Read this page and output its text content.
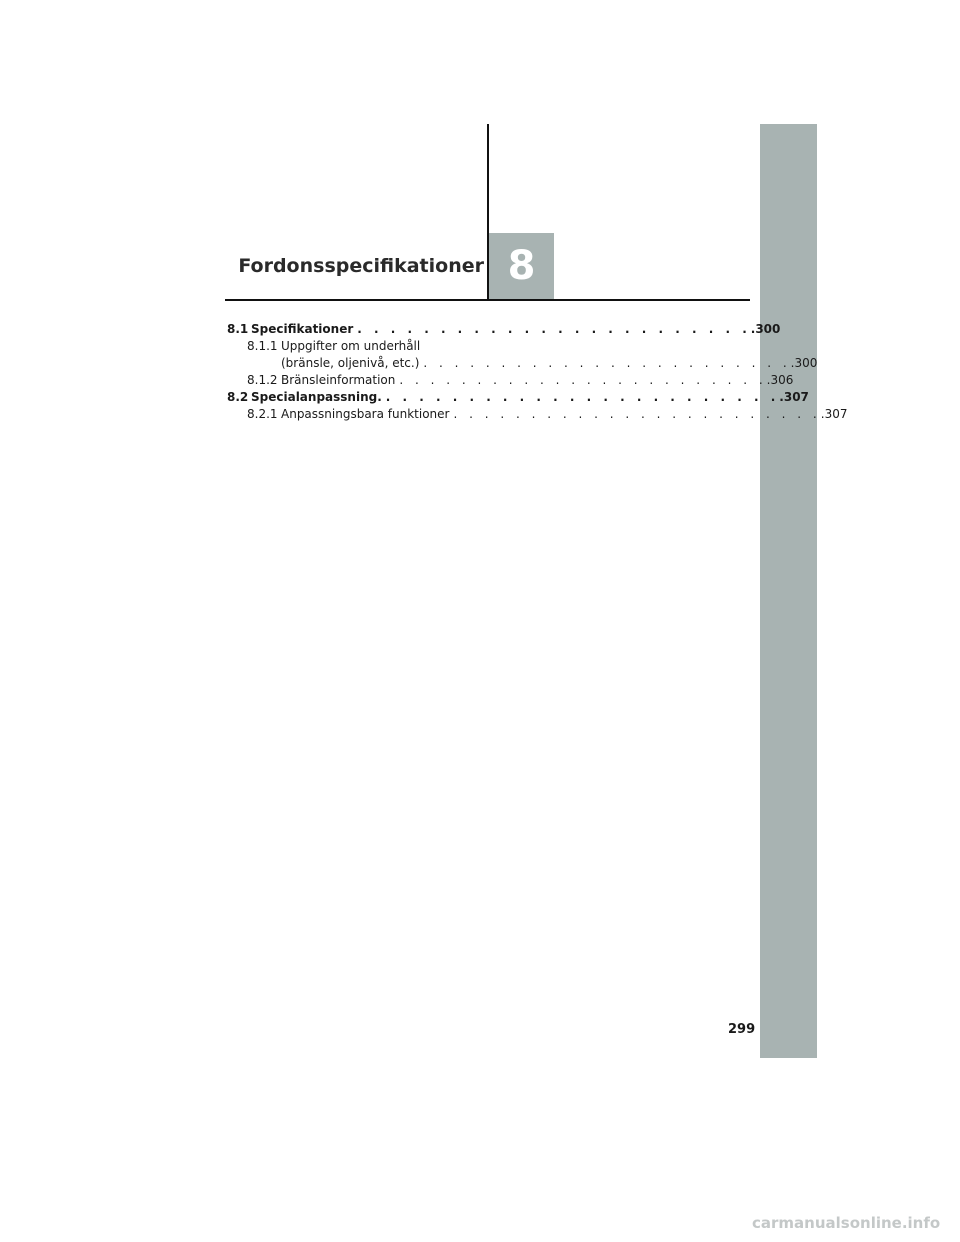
Fordonsspecifikationer 8
8.1 Specifikationer . . . . . . . . . . . . . . . . . . . . . . . . .300
8.1.1 Uppgifter om underhåll
(bränsle, oljenivå, etc.) . . . . . . . . . . . . . . . . . . . . . . . . .300
8.1.2 Bränsleinformation . . . . . . . . . . . . . . . . . . . . . . . . .306
8.2 Specialanpassning. . . . . . . . . . . . . . . . . . . . . . . . . .307
8.2.1 Anpassningsbara funktioner . . . . . . . . . . . . . . . . . . . . . . . . .307
299
carmanualsonline.info
